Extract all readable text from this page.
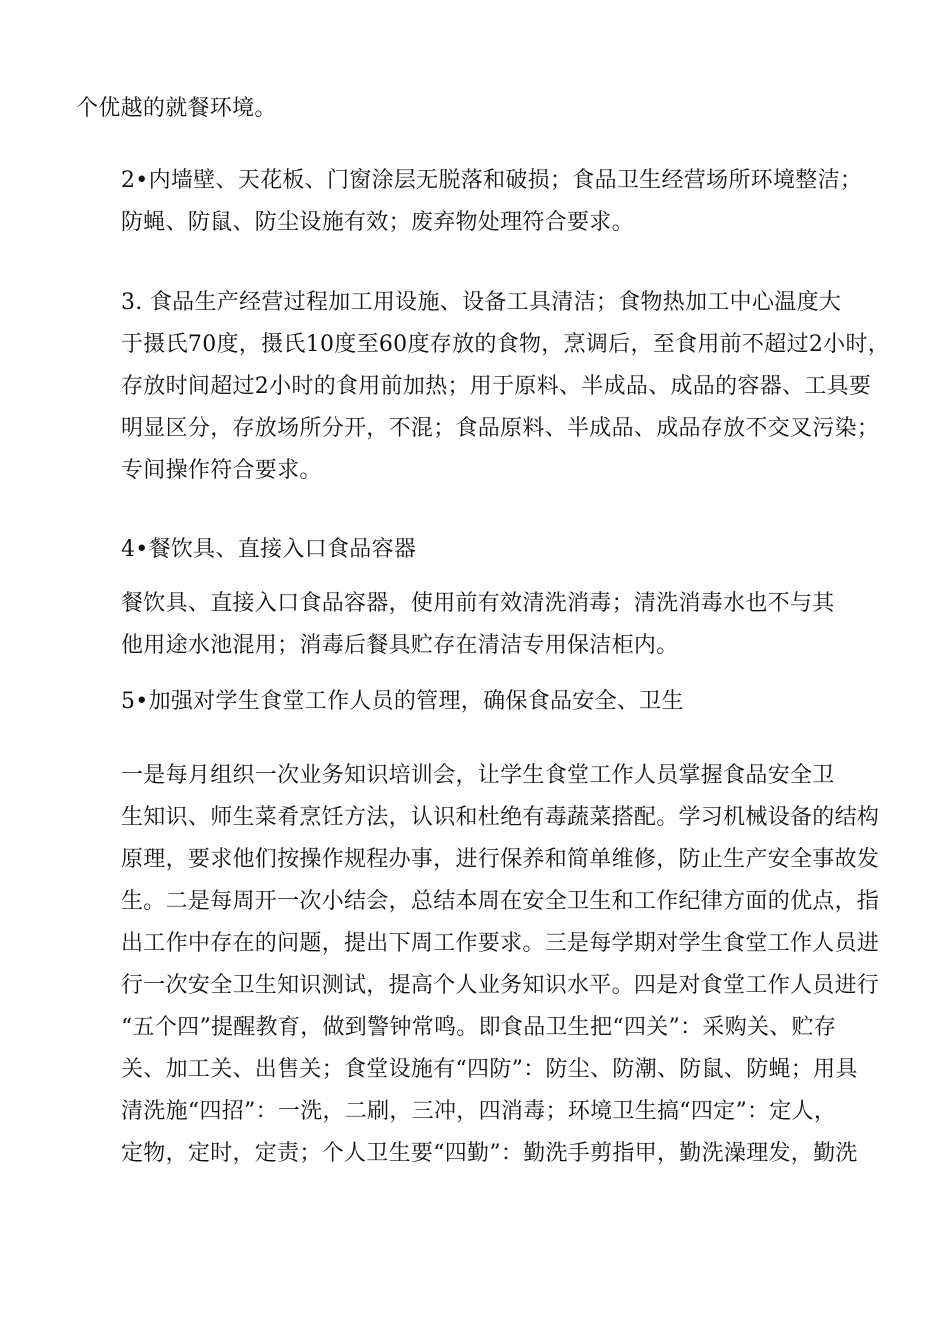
个优越的就餐环境。

2•内墙壁、天花板、门窗涂层无脱落和破损；食品卫生经营场所环境整洁；
防蝇、防鼠、防尘设施有效；废弃物处理符合要求。

3. 食品生产经营过程加工用设施、设备工具清洁；食物热加工中心温度大
于摄氏70度，摄氏10度至60度存放的食物，烹调后，至食用前不超过2小时，
存放时间超过2小时的食用前加热；用于原料、半成品、成品的容器、工具要
明显区分，存放场所分开，不混；食品原料、半成品、成品存放不交叉污染；
专间操作符合要求。

4•餐饮具、直接入口食品容器

餐饮具、直接入口食品容器，使用前有效清洗消毒；清洗消毒水也不与其
他用途水池混用；消毒后餐具贮存在清洁专用保洁柜内。

5•加强对学生食堂工作人员的管理，确保食品安全、卫生

一是每月组织一次业务知识培训会，让学生食堂工作人员掌握食品安全卫
生知识、师生菜肴烹饪方法，认识和杜绝有毒蔬菜搭配。学习机械设备的结构
原理，要求他们按操作规程办事，进行保养和简单维修，防止生产安全事故发
生。二是每周开一次小结会，总结本周在安全卫生和工作纪律方面的优点，指
出工作中存在的问题，提出下周工作要求。三是每学期对学生食堂工作人员进
行一次安全卫生知识测试，提高个人业务知识水平。四是对食堂工作人员进行
“五个四”提醒教育，做到警钟常鸣。即食品卫生把“四关”：采购关、贮存
关、加工关、出售关；食堂设施有“四防”：防尘、防潮、防鼠、防蝇；用具
清洗施“四招”：一洗，二刷，三冲，四消毒；环境卫生搞“四定”：定人，
定物，定时，定责；个人卫生要“四勤”：勤洗手剪指甲，勤洗澡理发，勤洗
